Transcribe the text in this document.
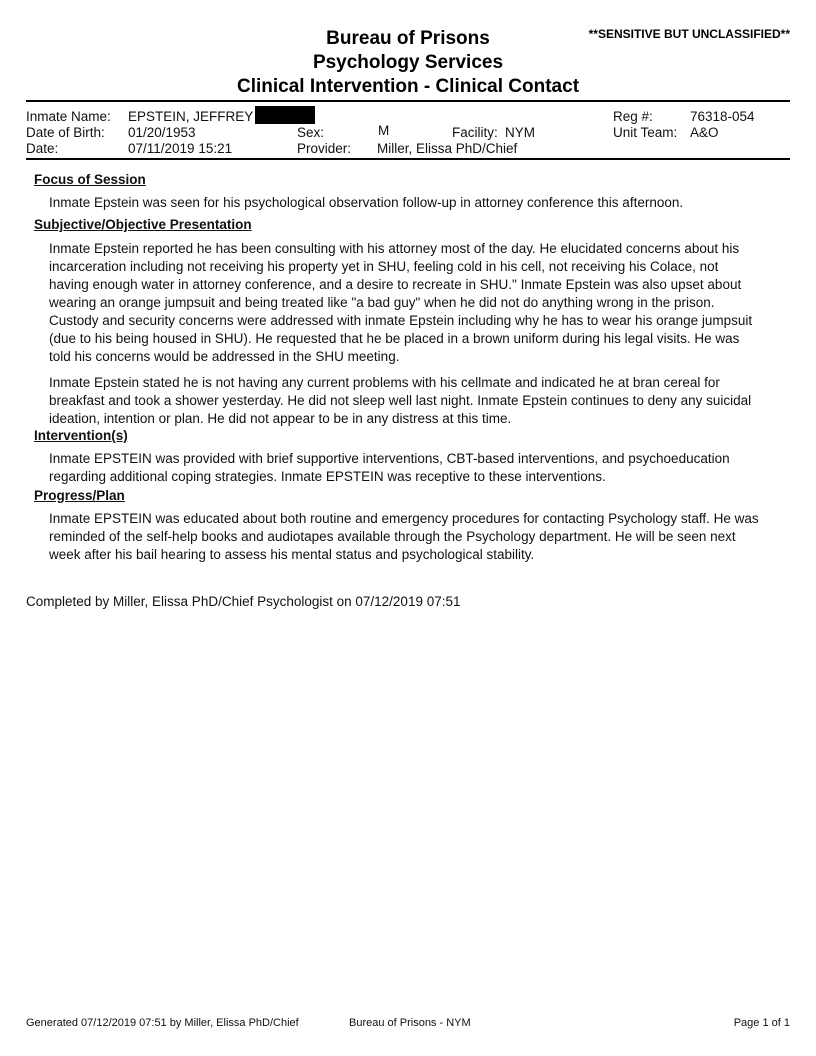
Bureau of Prisons
Psychology Services
Clinical Intervention - Clinical Contact
**SENSITIVE BUT UNCLASSIFIED**
Inmate Name: EPSTEIN, JEFFREY
Date of Birth: 01/20/1953
Date:	07/11/2019 15:21
Sex:	M
Provider: Miller, Elissa PhD/Chief
Facility: NYM
Reg #:	76318-054
Unit Team: A&O
Focus of Session

Inmate Epstein was seen for his psychological observation follow-up in attorney conference this afternoon.

Subjective/Objective Presentation

Inmate Epstein reported he has been consulting with his attorney most of the day. He elucidated concerns about his incarceration including not receiving his property yet in SHU, feeling cold in his cell, not receiving his Colace, not having enough water in attorney conference, and a desire to recreate in SHU." Inmate Epstein was also upset about wearing an orange jumpsuit and being treated like "a bad guy" when he did not do anything wrong in the prison. Custody and security concerns were addressed with inmate Epstein including why he has to wear his orange jumpsuit (due to his being housed in SHU). He requested that he be placed in a brown uniform during his legal visits. He was told his concerns would be addressed in the SHU meeting.

Inmate Epstein stated he is not having any current problems with his cellmate and indicated he at bran cereal for breakfast and took a shower yesterday. He did not sleep well last night. Inmate Epstein continues to deny any suicidal ideation, intention or plan. He did not appear to be in any distress at this time.

Intervention(s)

Inmate EPSTEIN was provided with brief supportive interventions, CBT-based interventions, and psychoeducation regarding additional coping strategies. Inmate EPSTEIN was receptive to these interventions.

Progress/Plan

Inmate EPSTEIN was educated about both routine and emergency procedures for contacting Psychology staff. He was reminded of the self-help books and audiotapes available through the Psychology department. He will be seen next week after his bail hearing to assess his mental status and psychological stability.

Completed by Miller, Elissa PhD/Chief Psychologist on 07/12/2019 07:51
Generated 07/12/2019 07:51 by Miller, Elissa PhD/Chief	Bureau of Prisons - NYM	Page 1 of 1
